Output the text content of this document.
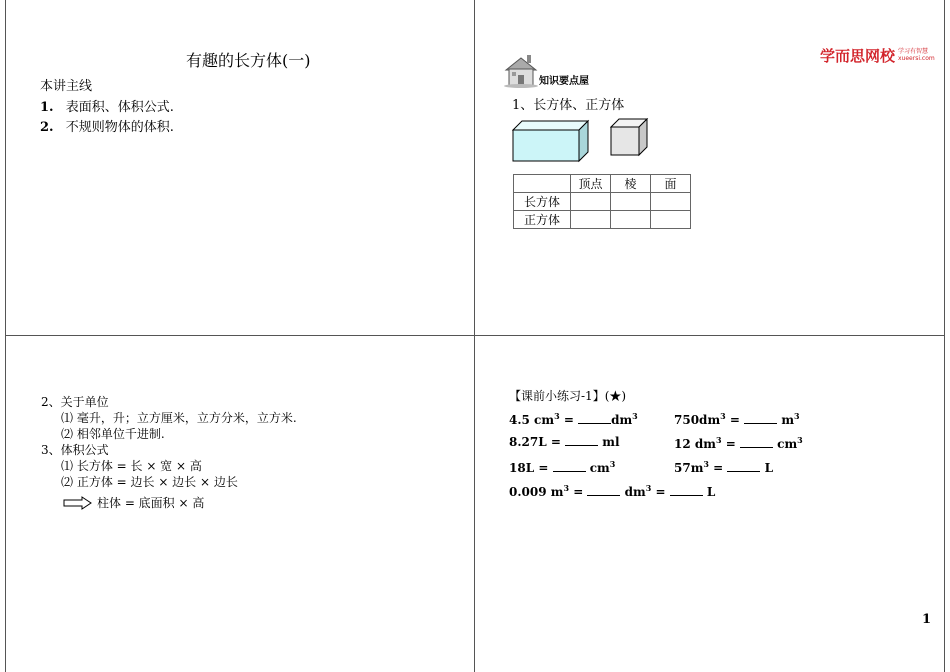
有趣的长方体(一)
本讲主线
1. 表面积、体积公式.
2. 不规则物体的体积.
学而思网校 学习有智慧
xueersi.com
知识要点屋
1、长方体、正方体
	顶点	棱	面
长方体			
正方体			
2、关于单位
⑴ 毫升，升；立方厘米，立方分米，立方米.
⑵ 相邻单位千进制.
3、体积公式
⑴ 长方体 = 长 × 宽 × 高
⑵ 正方体 = 边长 × 边长 × 边长
柱体 = 底面积 × 高
【课前小练习-1】(★)
4.5 $cm^3$ =	$dm^3$	$750dm^3$ =	$m^3$
8.27L =	ml	12 $dm^3$ =	$cm^3$
18L =	$cm^3$	$57m^3$ =	L
0.009 $m^3$ =	$dm^3$ =	L
1
